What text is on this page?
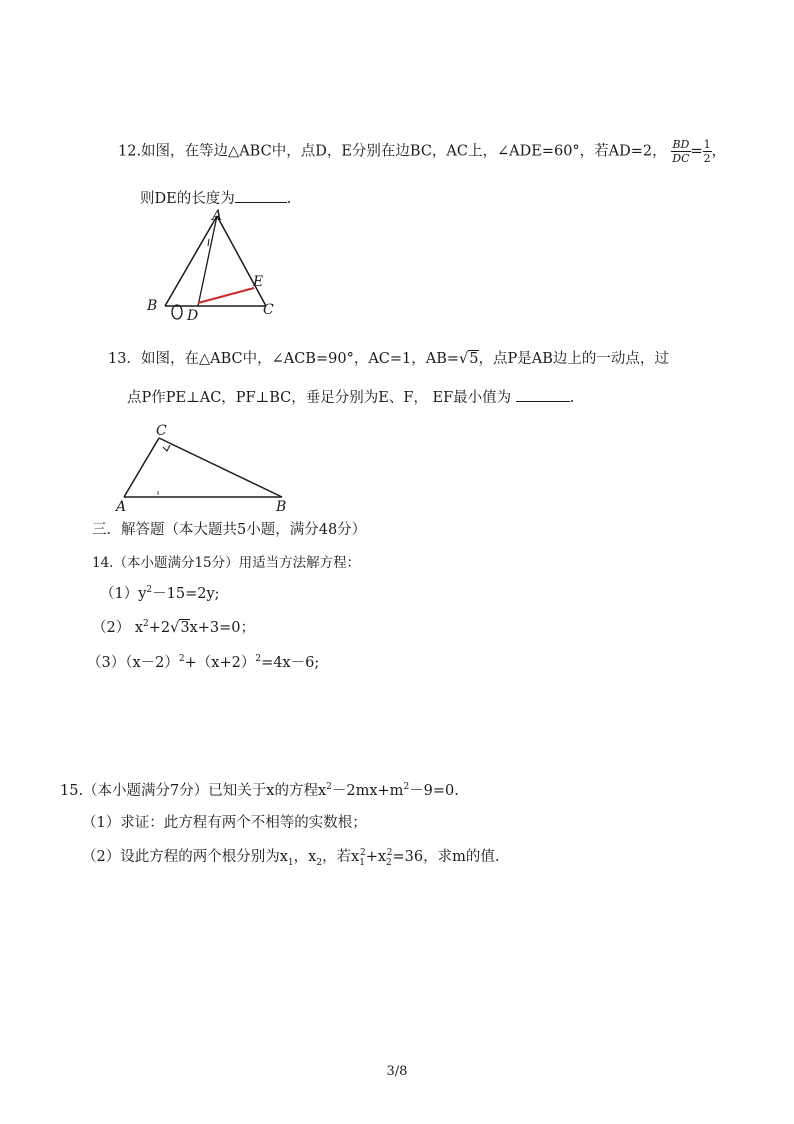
12.如图，在等边△ABC中，点D，E分别在边BC，AC上，∠ADE=60°，若AD=2， $\frac{BD}{DC} = \frac{1}{2}$ ，
则DE的长度为	.
A
B	C
D
E
13．如图，在△ABC中，∠ACB=90°，AC=1，AB=√5，点P是AB边上的一动点，过
点P作PE⊥AC，PF⊥BC，垂足分别为E、F， EF最小值为	.
C
A	B
三．解答题（本大题共5小题，满分48分）
14.（本小题满分15分）用适当方法解方程：
$(1)y^2-15=2y$;
（2） $x^2+2√3x+3=0$；
$(3)(x-2)^2+(x+2)^2=4x-6$;
15.（本小题满分7分）已知关于x的方程$x^2-2mx+m^2-9=0$.
（1）求证：此方程有两个不相等的实数根；
（2）设此方程的两个根分别为$x_1$，$x_2$，若$x_1^2+x_2^2=36$，求m的值.
3/8
